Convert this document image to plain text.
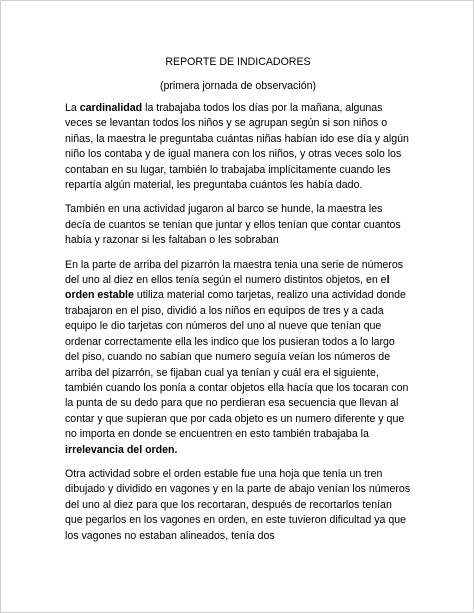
REPORTE DE INDICADORES

(primera jornada de observación)

La cardinalidad la trabajaba todos los días por la mañana, algunas veces se levantan todos los niños y se agrupan según si son niños o niñas, la maestra le preguntaba cuántas niñas habían ido ese día y algún niño los contaba y de igual manera con los niños, y otras veces solo los contaban en su lugar, también lo trabajaba implícitamente cuando les repartía algún material, les preguntaba cuántos les había dado.

También en una actividad jugaron al barco se hunde, la maestra les decía de cuantos se tenían que juntar y ellos tenían que contar cuantos había y razonar si les faltaban o les sobraban

En la parte de arriba del pizarrón la maestra tenia una serie de números del uno al diez en ellos tenía según el numero distintos objetos, en el orden estable utiliza material como tarjetas, realizo una actividad donde trabajaron en el piso, dividió a los niños en equipos de tres y a cada equipo le dio tarjetas con números del uno al nueve que tenían que ordenar correctamente ella les indico que los pusieran todos a lo largo del piso, cuando no sabían que numero seguía veían los números de arriba del pizarrón, se fijaban cual ya tenían y cuál era el siguiente, también cuando los ponía a contar objetos ella hacía que los tocaran con la punta de su dedo para que no perdieran esa secuencia que llevan al contar y que supieran que por cada objeto es un numero diferente y que no importa en donde se encuentren en esto también trabajaba la irrelevancia del orden.

Otra actividad sobre el orden estable fue una hoja que tenía un tren dibujado y dividido en vagones y en la parte de abajo venían los números del uno al diez para que los recortaran, después de recortarlos tenían que pegarlos en los vagones en orden, en este tuvieron dificultad ya que los vagones no estaban alineados, tenía dos
